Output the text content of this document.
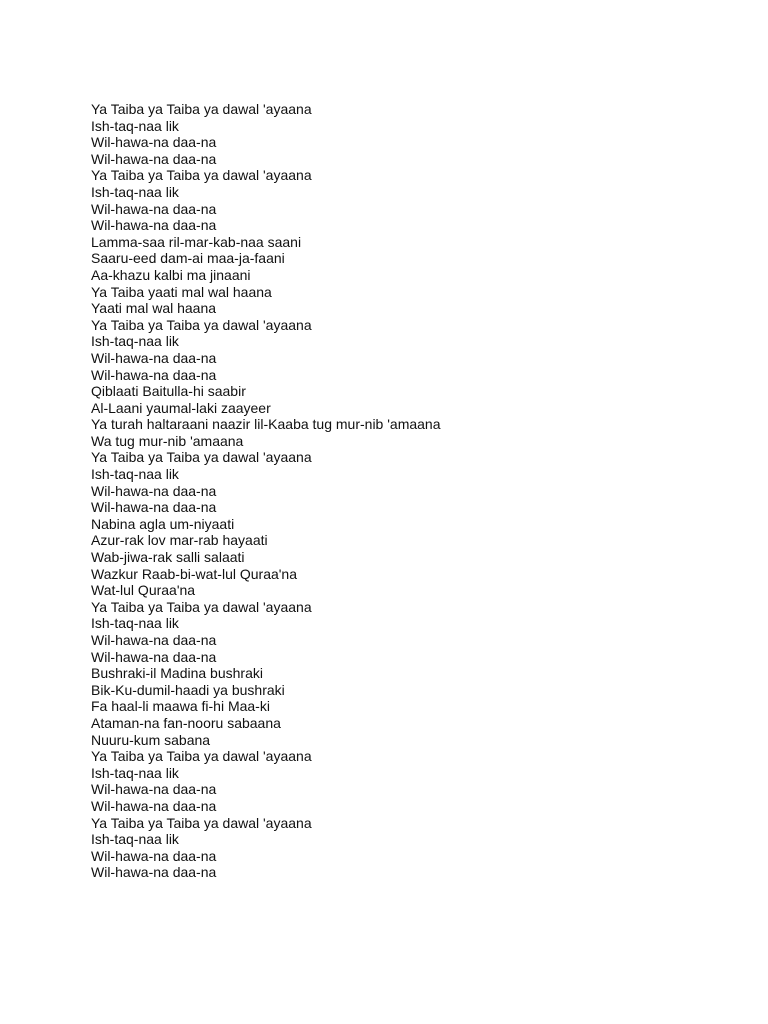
Ya Taiba ya Taiba ya dawal 'ayaana
Ish-taq-naa lik
Wil-hawa-na daa-na
Wil-hawa-na daa-na
Ya Taiba ya Taiba ya dawal 'ayaana
Ish-taq-naa lik
Wil-hawa-na daa-na
Wil-hawa-na daa-na
Lamma-saa ril-mar-kab-naa saani
Saaru-eed dam-ai maa-ja-faani
Aa-khazu kalbi ma jinaani
Ya Taiba yaati mal wal haana
Yaati mal wal haana
Ya Taiba ya Taiba ya dawal 'ayaana
Ish-taq-naa lik
Wil-hawa-na daa-na
Wil-hawa-na daa-na
Qiblaati Baitulla-hi saabir
Al-Laani yaumal-laki zaayeer
Ya turah haltaraani naazir lil-Kaaba tug mur-nib 'amaana
Wa tug mur-nib 'amaana
Ya Taiba ya Taiba ya dawal 'ayaana
Ish-taq-naa lik
Wil-hawa-na daa-na
Wil-hawa-na daa-na
Nabina agla um-niyaati
Azur-rak lov mar-rab hayaati
Wab-jiwa-rak salli salaati
Wazkur Raab-bi-wat-lul Quraa'na
Wat-lul Quraa'na
Ya Taiba ya Taiba ya dawal 'ayaana
Ish-taq-naa lik
Wil-hawa-na daa-na
Wil-hawa-na daa-na
Bushraki-il Madina bushraki
Bik-Ku-dumil-haadi ya bushraki
Fa haal-li maawa fi-hi Maa-ki
Ataman-na fan-nooru sabaana
Nuuru-kum sabana
Ya Taiba ya Taiba ya dawal 'ayaana
Ish-taq-naa lik
Wil-hawa-na daa-na
Wil-hawa-na daa-na
Ya Taiba ya Taiba ya dawal 'ayaana
Ish-taq-naa lik
Wil-hawa-na daa-na
Wil-hawa-na daa-na
